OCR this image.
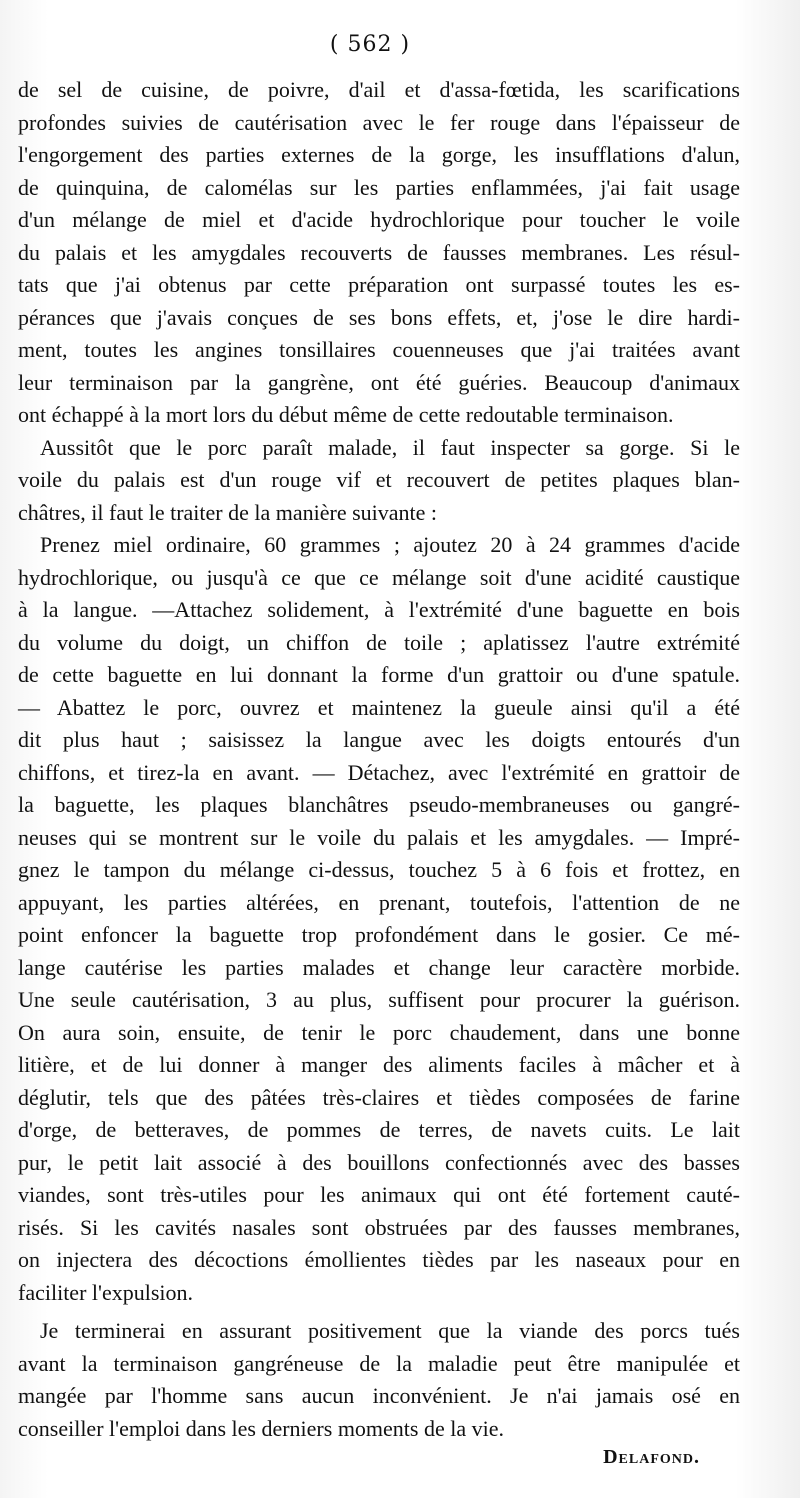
( 562 )
de sel de cuisine, de poivre, d'ail et d'assa-fœtida, les scarifications
profondes suivies de cautérisation avec le fer rouge dans l'épaisseur de
l'engorgement des parties externes de la gorge, les insufflations d'alun,
de quinquina, de calomélas sur les parties enflammées, j'ai fait usage
d'un mélange de miel et d'acide hydrochlorique pour toucher le voile
du palais et les amygdales recouverts de fausses membranes. Les résul-
tats que j'ai obtenus par cette préparation ont surpassé toutes les es-
pérances que j'avais conçues de ses bons effets, et, j'ose le dire hardi-
ment, toutes les angines tonsillaires couenneuses que j'ai traitées avant
leur terminaison par la gangrène, ont été guéries. Beaucoup d'animaux
ont échappé à la mort lors du début même de cette redoutable terminaison.
Aussitôt que le porc paraît malade, il faut inspecter sa gorge. Si le
voile du palais est d'un rouge vif et recouvert de petites plaques blan-
châtres, il faut le traiter de la manière suivante :
Prenez miel ordinaire, 60 grammes ; ajoutez 20 à 24 grammes d'acide
hydrochlorique, ou jusqu'à ce que ce mélange soit d'une acidité caustique
à la langue. —Attachez solidement, à l'extrémité d'une baguette en bois
du volume du doigt, un chiffon de toile ; aplatissez l'autre extrémité
de cette baguette en lui donnant la forme d'un grattoir ou d'une spatule.
— Abattez le porc, ouvrez et maintenez la gueule ainsi qu'il a été
dit plus haut ; saisissez la langue avec les doigts entourés d'un
chiffons, et tirez-la en avant. — Détachez, avec l'extrémité en grattoir de
la baguette, les plaques blanchâtres pseudo-membraneuses ou gangré-
neuses qui se montrent sur le voile du palais et les amygdales. — Impré-
gnez le tampon du mélange ci-dessus, touchez 5 à 6 fois et frottez, en
appuyant, les parties altérées, en prenant, toutefois, l'attention de ne
point enfoncer la baguette trop profondément dans le gosier. Ce mé-
lange cautérise les parties malades et change leur caractère morbide.
Une seule cautérisation, 3 au plus, suffisent pour procurer la guérison.
On aura soin, ensuite, de tenir le porc chaudement, dans une bonne
litière, et de lui donner à manger des aliments faciles à mâcher et à
déglutir, tels que des pâtées très-claires et tièdes composées de farine
d'orge, de betteraves, de pommes de terres, de navets cuits. Le lait
pur, le petit lait associé à des bouillons confectionnés avec des basses
viandes, sont très-utiles pour les animaux qui ont été fortement cauté-
risés. Si les cavités nasales sont obstruées par des fausses membranes,
on injectera des décoctions émollientes tièdes par les naseaux pour en
faciliter l'expulsion.
Je terminerai en assurant positivement que la viande des porcs tués
avant la terminaison gangréneuse de la maladie peut être manipulée et
mangée par l'homme sans aucun inconvénient. Je n'ai jamais osé en
conseiller l'emploi dans les derniers moments de la vie.
Delafond.
